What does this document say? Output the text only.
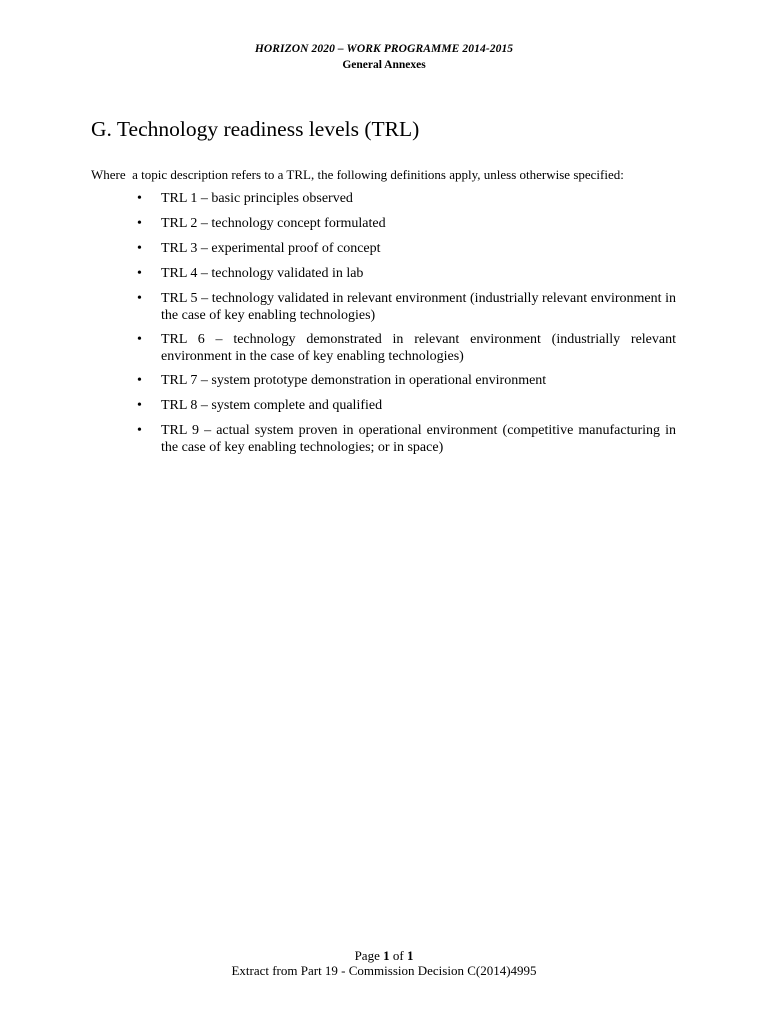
HORIZON 2020 – WORK PROGRAMME 2014-2015
General Annexes
G. Technology readiness levels (TRL)
Where  a topic description refers to a TRL, the following definitions apply, unless otherwise specified:
• TRL 1 – basic principles observed
• TRL 2 – technology concept formulated
• TRL 3 – experimental proof of concept
• TRL 4 – technology validated in lab
• TRL 5 – technology validated in relevant environment (industrially relevant environment in the case of key enabling technologies)
• TRL 6 – technology demonstrated in relevant environment (industrially relevant environment in the case of key enabling technologies)
• TRL 7 – system prototype demonstration in operational environment
• TRL 8 – system complete and qualified
• TRL 9 – actual system proven in operational environment (competitive manufacturing in the case of key enabling technologies; or in space)
Page 1 of 1
Extract from Part 19 - Commission Decision C(2014)4995
